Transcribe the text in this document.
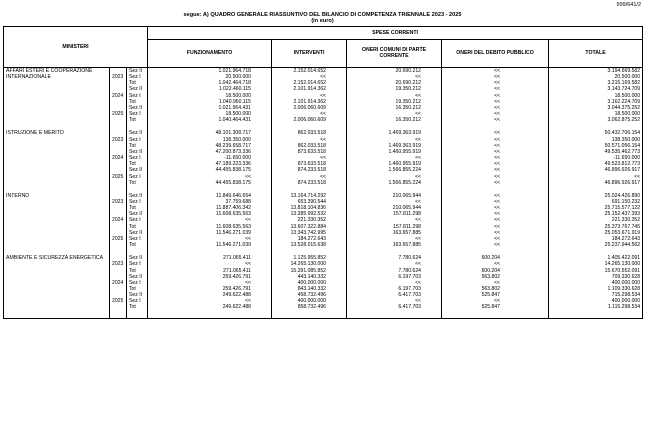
999/641/2
segue: A) QUADRO GENERALE RIASSUNTIVO DEL BILANCIO DI COMPETENZA TRIENNALE 2023 - 2025
(in euro)
MINISTERI			SPESE CORRENTI				
			FUNZIONAMENTO	INTERVENTI	ONERI COMUNI DI PARTE CORRENTE	ONERI DEL DEBITO PUBBLICO	TOTALE
AFFARI ESTERI E COOPERAZIONE INTERNAZIONALE	2023	Sez II	1.021.964.718	2.152.014.652	20.690.212	<<	3.194.669.582
		Sez I	20.500.000	<<	<<	<<	20.500.000
		Tot	1.042.464.718	2.152.014.652	20.690.212	<<	3.215.169.582
	2024	Sez II	1.022.460.115	2.101.914.362	19.350.212	<<	3.143.724.709
		Sez I	18.500.000	<<	<<	<<	18.500.000
		Tot	1.040.960.115	2.101.914.362	19.350.212	<<	3.162.224.709
	2025	Sez II	1.021.964.431	2.006.060.609	16.350.212	<<	3.044.375.252
		Sez I	18.500.000	<<	<<	<<	18.500.000
		Tot	1.040.464.431	2.006.060.609	16.350.212	<<	3.062.875.252

ISTRUZIONE E MERITO	2023	Sez II	48.101.308.717	862.033.518	1.469.363.919	<<	50.432.706.154
		Sez I	138.350.000	<<	<<	<<	138.350.000
		Tot	48.239.658.717	862.033.518	1.469.363.919	<<	50.571.056.154
	2024	Sez II	47.200.873.336	873.633.518	1.460.955.919	<<	49.535.462.773
		Sez I	-11.650.000	<<	<<	<<	-11.650.000
		Tot	47.189.223.336	873.633.518	1.460.955.919	<<	49.523.812.773
	2025	Sez II	44.455.838.175	874.233.518	1.566.855.224	<<	46.896.926.917
		Sez I	<<	<<	<<	<<	<<
		Tot	44.455.838.175	874.233.518	1.566.855.224	<<	46.896.926.917

INTERNO	2023	Sez II	11.849.646.654	13.164.714.292	210.065.944	<<	25.024.426.890
		Sez I	37.759.688	653.390.544	<<	<<	691.150.232
		Tot	11.887.406.342	13.818.104.836	210.065.944	<<	25.715.577.122
	2024	Sez II	11.608.635.563	13.385.992.532	157.811.298	<<	25.152.437.393
		Sez I	<<	221.330.352	<<	<<	221.330.352
		Tot	11.608.635.563	13.607.322.884	157.811.298	<<	25.373.767.745
	2025	Sez II	11.546.271.039	13.343.742.995	163.657.885	<<	25.053.671.919
		Sez I	<<	184.272.643	<<	<<	184.272.643
		Tot	11.546.271.039	13.528.015.638	163.657.885	<<	25.237.944.562

AMBIENTE E SICUREZZA ENERGETICA	2023	Sez II	271.065.411	1.125.955.852	7.780.624	600.204	1.405.422.091
		Sez I	<<	14.265.130.000	<<	<<	14.265.130.000
		Tot	271.065.411	15.391.085.852	7.780.624	600.204	15.670.552.091
	2024	Sez II	259.426.791	443.140.332	6.197.703	563.802	709.330.628
		Sez I	<<	400.000.000	<<	<<	400.000.000
		Tot	259.426.791	843.140.332	6.197.703	563.802	1.109.330.628
	2025	Sez II	249.622.488	458.732.496	6.417.703	525.847	715.298.534
		Sez I	<<	400.000.000	<<	<<	400.000.000
		Tot	249.622.488	858.732.496	6.417.703	525.847	1.115.298.534
